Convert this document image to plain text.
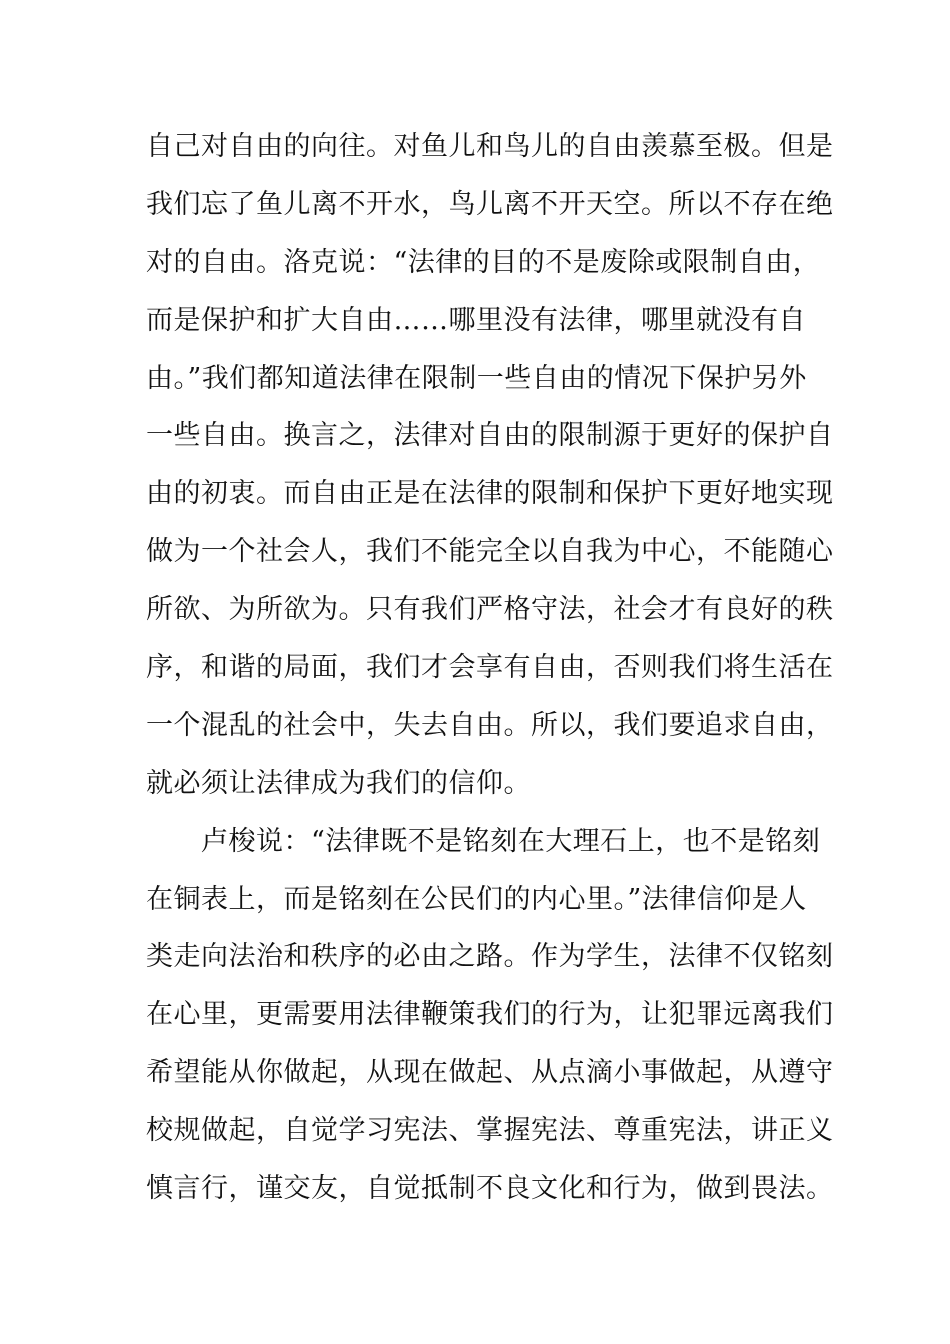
自己对自由的向往。对鱼儿和鸟儿的自由羡慕至极。但是
我们忘了鱼儿离不开水，鸟儿离不开天空。所以不存在绝
对的自由。洛克说：“法律的目的不是废除或限制自由，
而是保护和扩大自由……哪里没有法律，哪里就没有自
由。”我们都知道法律在限制一些自由的情况下保护另外
一些自由。换言之，法律对自由的限制源于更好的保护自
由的初衷。而自由正是在法律的限制和保护下更好地实现
做为一个社会人，我们不能完全以自我为中心，不能随心
所欲、为所欲为。只有我们严格守法，社会才有良好的秩
序，和谐的局面，我们才会享有自由，否则我们将生活在
一个混乱的社会中，失去自由。所以，我们要追求自由，
就必须让法律成为我们的信仰。
　　卢梭说：“法律既不是铭刻在大理石上，也不是铭刻
在铜表上，而是铭刻在公民们的内心里。”法律信仰是人
类走向法治和秩序的必由之路。作为学生，法律不仅铭刻
在心里，更需要用法律鞭策我们的行为，让犯罪远离我们
希望能从你做起，从现在做起、从点滴小事做起，从遵守
校规做起，自觉学习宪法、掌握宪法、尊重宪法，讲正义
慎言行，谨交友，自觉抵制不良文化和行为，做到畏法。
